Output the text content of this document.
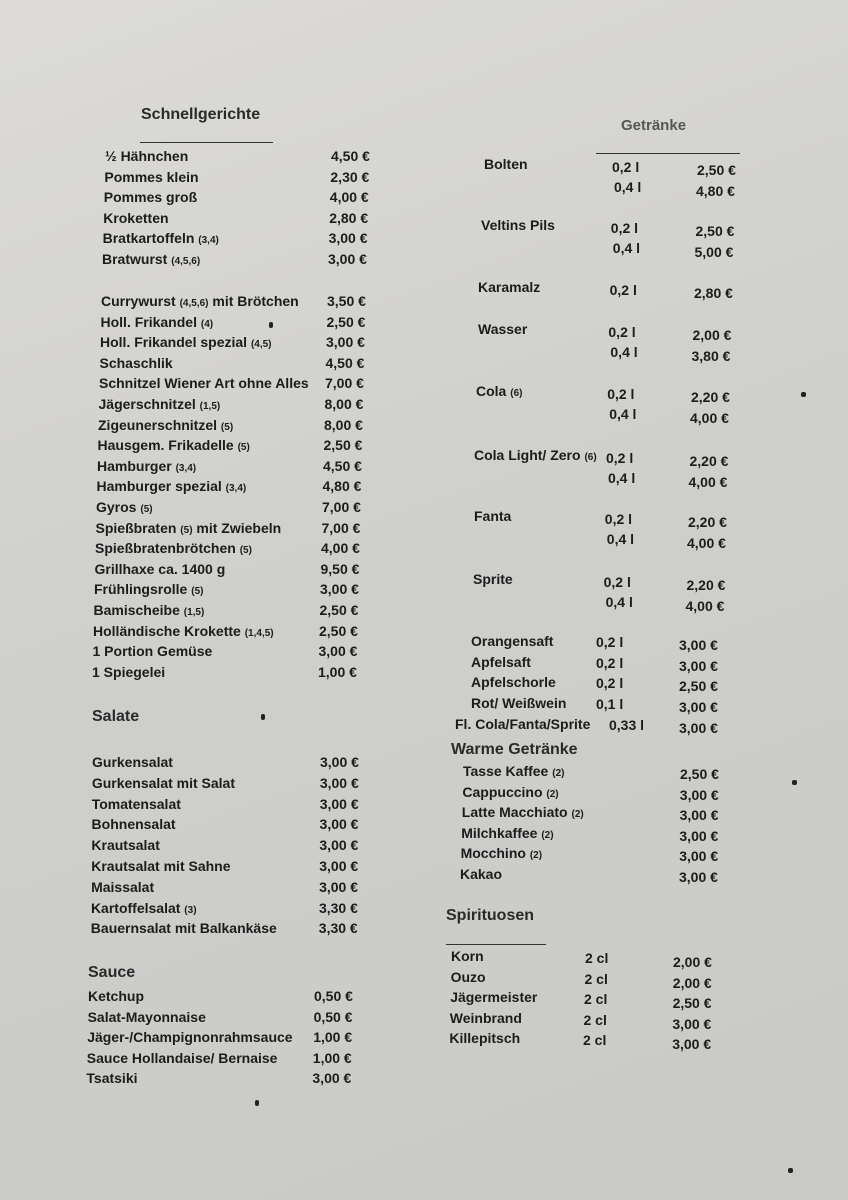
Schnellgerichte
½ Hähnchen	4,50 €
Pommes klein	2,30 €
Pommes groß	4,00 €
Kroketten	2,80 €
Bratkartoffeln (3,4)	3,00 €
Bratwurst (4,5,6)	3,00 €
Currywurst (4,5,6) mit Brötchen 3,50 €
Holl. Frikandel (4)	2,50 €
Holl. Frikandel spezial (4,5)	3,00 €
Schaschlik	4,50 €
Schnitzel Wiener Art ohne Alles 7,00 €
Jägerschnitzel (1,5)	8,00 €
Zigeunerschnitzel (5)	8,00 €
Hausgem. Frikadelle (5)	2,50 €
Hamburger (3,4)	4,50 €
Hamburger spezial (3,4)	4,80 €
Gyros (5)	7,00 €
Spießbraten (5) mit Zwiebeln	7,00 €
Spießbratenbrötchen (5)	4,00 €
Grillhaxe ca. 1400 g	9,50 €
Frühlingsrolle (5)	3,00 €
Bamischeibe (1,5)	2,50 €
Holländische Krokette (1,4,5)	2,50 €
1 Portion Gemüse	3,00 €
1 Spiegelei	1,00 €
Salate
Gurkensalat	3,00 €
Gurkensalat mit Salat	3,00 €
Tomatensalat	3,00 €
Bohnensalat	3,00 €
Krautsalat	3,00 €
Krautsalat mit Sahne	3,00 €
Maissalat	3,00 €
Kartoffelsalat (3)	3,30 €
Bauernsalat mit Balkankäse	3,30 €
Sauce
Ketchup	0,50 €
Salat-Mayonnaise	0,50 €
Jäger-/Champignonrahmsauce 1,00 €
Sauce Hollandaise/ Bernaise	1,00 €
Tsatsiki	3,00 €
Getränke
Bolten	0,2 l	2,50 €
0,4 l	4,80 €
Veltins Pils	0,2 l	2,50 €
0,4 l	5,00 €
Karamalz	0,2 l	2,80 €
Wasser	0,2 l	2,00 €
0,4 l	3,80 €
Cola (6)	0,2 l	2,20 €
0,4 l	4,00 €
Cola Light/ Zero (6) 0,2 l	2,20 €
0,4 l	4,00 €
Fanta	0,2 l	2,20 €
0,4 l	4,00 €
Sprite	0,2 l	2,20 €
0,4 l	4,00 €
Orangensaft	0,2 l	3,00 €
Apfelsaft	0,2 l	3,00 €
Apfelschorle	0,2 l	2,50 €
Rot/ Weißwein 0,1 l	3,00 €
Fl. Cola/Fanta/Sprite 0,33 l 3,00 €
Warme Getränke
Tasse Kaffee (2)	2,50 €
Cappuccino (2)	3,00 €
Latte Macchiato (2)	3,00 €
Milchkaffee (2)	3,00 €
Mocchino (2)	3,00 €
Kakao	3,00 €
Spirituosen
Korn	2 cl	2,00 €
Ouzo	2 cl	2,00 €
Jägermeister	2 cl	2,50 €
Weinbrand	2 cl	3,00 €
Killepitsch	2 cl	3,00 €
